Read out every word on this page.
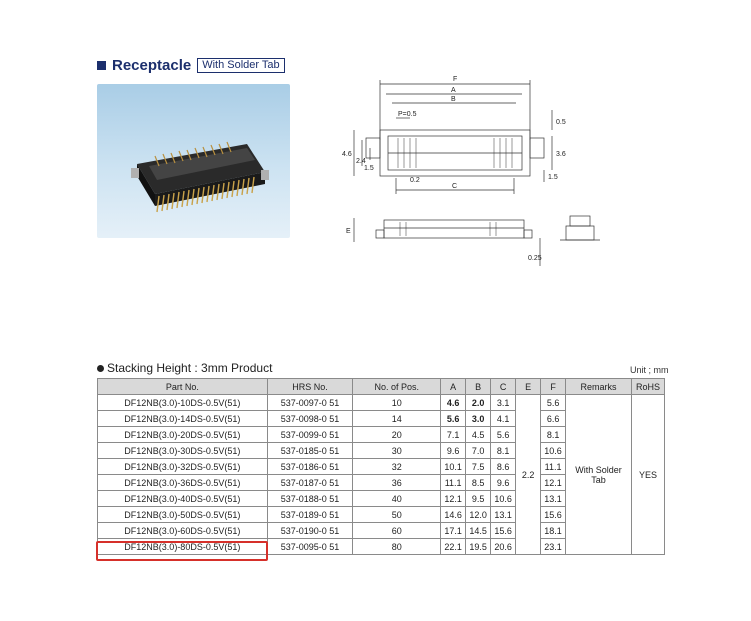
Receptacle	With Solder Tab
F
A
B
P=0.5
C
0.2
0.5
3.6
1.5
4.6
2.4
1.5
E
0.25
Stacking Height : 3mm Product	Unit ; mm
Part No.	HRS No.	No. of Pos.	A	B	C	E	F	Remarks	RoHS
DF12NB(3.0)-10DS-0.5V(51)	537-0097-0 51	10	4.6	2.0	3.1	2.2	5.6	With Solder Tab	YES
DF12NB(3.0)-14DS-0.5V(51)	537-0098-0 51	14	5.6	3.0	4.1		6.6		
DF12NB(3.0)-20DS-0.5V(51)	537-0099-0 51	20	7.1	4.5	5.6		8.1		
DF12NB(3.0)-30DS-0.5V(51)	537-0185-0 51	30	9.6	7.0	8.1		10.6		
DF12NB(3.0)-32DS-0.5V(51)	537-0186-0 51	32	10.1	7.5	8.6		11.1		
DF12NB(3.0)-36DS-0.5V(51)	537-0187-0 51	36	11.1	8.5	9.6		12.1		
DF12NB(3.0)-40DS-0.5V(51)	537-0188-0 51	40	12.1	9.5	10.6		13.1		
DF12NB(3.0)-50DS-0.5V(51)	537-0189-0 51	50	14.6	12.0	13.1		15.6		
DF12NB(3.0)-60DS-0.5V(51)	537-0190-0 51	60	17.1	14.5	15.6		18.1		
DF12NB(3.0)-80DS-0.5V(51)	537-0095-0 51	80	22.1	19.5	20.6		23.1		
